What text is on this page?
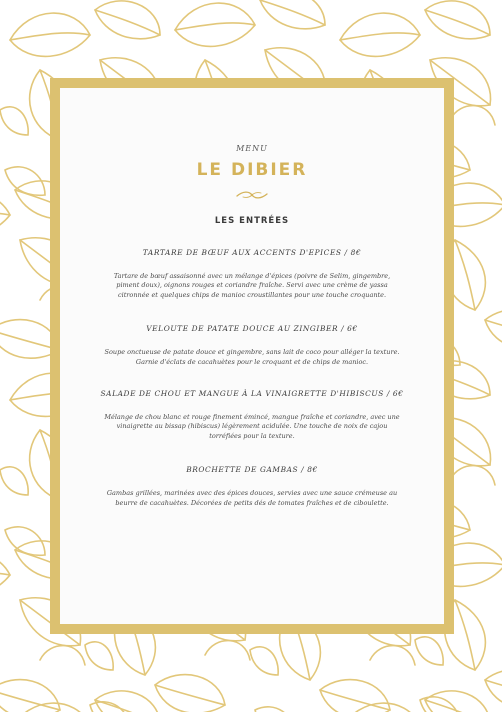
MENU

LE DIBIER
LES ENTRÉES

TARTARE DE BŒUF AUX ACCENTS D'EPICES / 8€

Tartare de bœuf assaisonné avec un mélange d'épices (poivre de Selim, gingembre, piment doux), oignons rouges et coriandre fraîche. Servi avec une crème de yassa citronnée et quelques chips de manioc croustillantes pour une touche croquante.

VELOUTE DE PATATE DOUCE AU ZINGIBER / 6€

Soupe onctueuse de patate douce et gingembre, sans lait de coco pour alléger la texture. Garnie d'éclats de cacahuètes pour le croquant et de chips de manioc.

SALADE DE CHOU ET MANGUE À LA VINAIGRETTE D'HIBISCUS / 6€

Mélange de chou blanc et rouge finement émincé, mangue fraîche et coriandre, avec une vinaigrette au bissap (hibiscus) légèrement acidulée. Une touche de noix de cajou torréfiées pour la texture.

BROCHETTE DE GAMBAS / 8€

Gambas grillées, marinées avec des épices douces, servies avec une sauce crémeuse au beurre de cacahuètes. Décorées de petits dés de tomates fraîches et de ciboulette.
